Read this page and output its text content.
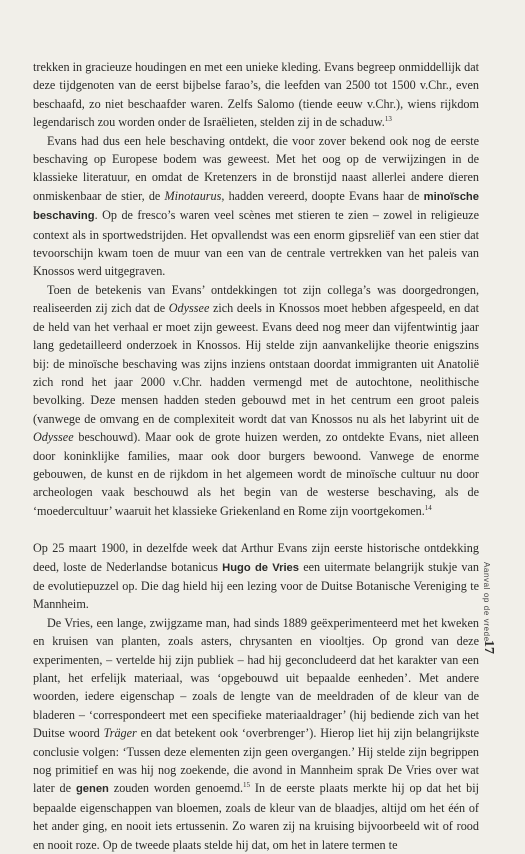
trekken in gracieuze houdingen en met een unieke kleding. Evans begreep onmiddellijk dat deze tijdgenoten van de eerst bijbelse farao’s, die leefden van 2500 tot 1500 v.Chr., even beschaafd, zo niet beschaafder waren. Zelfs Salomo (tiende eeuw v.Chr.), wiens rijkdom legendarisch zou worden onder de Israëlieten, stelden zij in de schaduw.$^{13}$

Evans had dus een hele beschaving ontdekt, die voor zover bekend ook nog de eerste beschaving op Europese bodem was geweest. Met het oog op de verwijzingen in de klassieke literatuur, en omdat de Kretenzers in de bronstijd naast allerlei andere dieren onmiskenbaar de stier, de Minotaurus, hadden vereerd, doopte Evans haar de minoïsche beschaving. Op de fresco’s waren veel scènes met stieren te zien – zowel in religieuze context als in sportwedstrijden. Het opvallendst was een enorm gipsreliëf van een stier dat tevoorschijn kwam toen de muur van een van de centrale vertrekken van het paleis van Knossos werd uitgegraven.

Toen de betekenis van Evans’ ontdekkingen tot zijn collega’s was doorgedrongen, realiseerden zij zich dat de Odyssee zich deels in Knossos moet hebben afgespeeld, en dat de held van het verhaal er moet zijn geweest. Evans deed nog meer dan vijfentwintig jaar lang gedetailleerd onderzoek in Knossos. Hij stelde zijn aanvankelijke theorie enigszins bij: de minoïsche beschaving was zijns inziens ontstaan doordat immigranten uit Anatolië zich rond het jaar 2000 v.Chr. hadden vermengd met de autochtone, neolithische bevolking. Deze mensen hadden steden gebouwd met in het centrum een groot paleis (vanwege de omvang en de complexiteit wordt dat van Knossos nu als het labyrint uit de Odyssee beschouwd). Maar ook de grote huizen werden, zo ontdekte Evans, niet alleen door koninklijke families, maar ook door burgers bewoond. Vanwege de enorme gebouwen, de kunst en de rijkdom in het algemeen wordt de minoïsche cultuur nu door archeologen vaak beschouwd als het begin van de westerse beschaving, als de ‘moedercultuur’ waaruit het klassieke Griekenland en Rome zijn voortgekomen.$^{14}$

Op 25 maart 1900, in dezelfde week dat Arthur Evans zijn eerste historische ontdekking deed, loste de Nederlandse botanicus Hugo de Vries een uitermate belangrijk stukje van de evolutiepuzzel op. Die dag hield hij een lezing voor de Duitse Botanische Vereniging te Mannheim.

De Vries, een lange, zwijgzame man, had sinds 1889 geëxperimenteerd met het kweken en kruisen van planten, zoals asters, chrysanten en viooltjes. Op grond van deze experimenten, – vertelde hij zijn publiek – had hij geconcludeerd dat het karakter van een plant, het erfelijk materiaal, was ‘opgebouwd uit bepaalde eenheden’. Met andere woorden, iedere eigenschap – zoals de lengte van de meeldraden of de kleur van de bladeren – ‘correspondeert met een specifieke materiaaldrager’ (hij bediende zich van het Duitse woord Träger en dat betekent ook ‘overbrenger’). Hierop liet hij zijn belangrijkste conclusie volgen: ‘Tussen deze elementen zijn geen overgangen.’ Hij stelde zijn begrippen nog primitief en was hij nog zoekende, die avond in Mannheim sprak De Vries over wat later de genen zouden worden genoemd.$^{15}$ In de eerste plaats merkte hij op dat het bij bepaalde eigenschappen van bloemen, zoals de kleur van de blaadjes, altijd om het één of het ander ging, en nooit iets ertussenin. Zo waren zij na kruising bijvoorbeeld wit of rood en nooit roze. Op de tweede plaats stelde hij dat, om het in latere termen te

Aanval op de vrede
17
